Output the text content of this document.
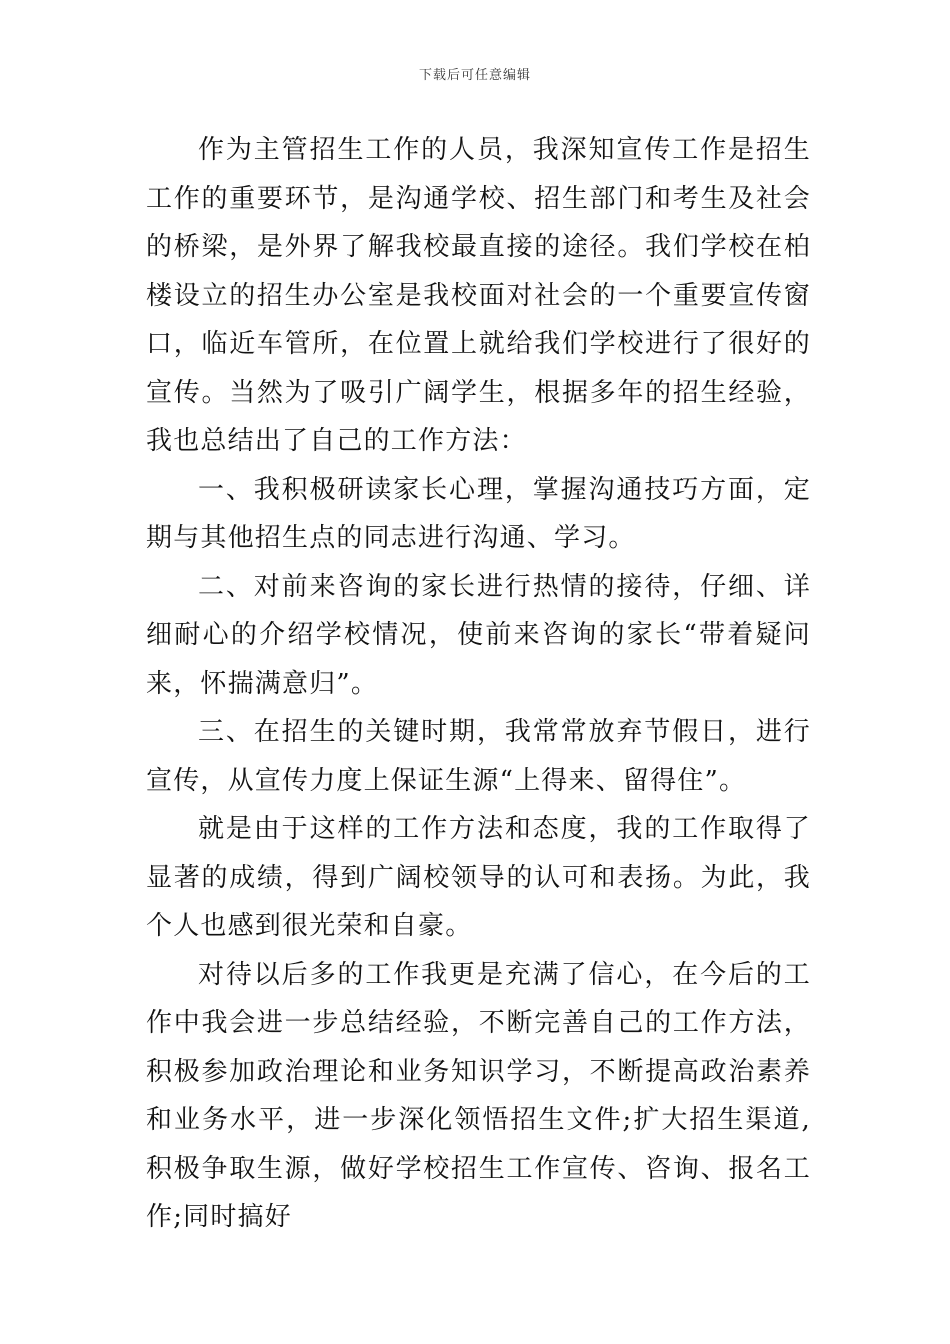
下载后可任意编辑

作为主管招生工作的人员，我深知宣传工作是招生工作的重要环节，是沟通学校、招生部门和考生及社会的桥梁，是外界了解我校最直接的途径。我们学校在柏楼设立的招生办公室是我校面对社会的一个重要宣传窗口，临近车管所，在位置上就给我们学校进行了很好的宣传。当然为了吸引广阔学生，根据多年的招生经验，我也总结出了自己的工作方法：

一、我积极研读家长心理，掌握沟通技巧方面，定期与其他招生点的同志进行沟通、学习。

二、对前来咨询的家长进行热情的接待，仔细、详细耐心的介绍学校情况，使前来咨询的家长“带着疑问来，怀揣满意归”。

三、在招生的关键时期，我常常放弃节假日，进行宣传，从宣传力度上保证生源“上得来、留得住”。

就是由于这样的工作方法和态度，我的工作取得了显著的成绩，得到广阔校领导的认可和表扬。为此，我个人也感到很光荣和自豪。

对待以后多的工作我更是充满了信心，在今后的工作中我会进一步总结经验，不断完善自己的工作方法，积极参加政治理论和业务知识学习，不断提高政治素养和业务水平，进一步深化领悟招生文件;扩大招生渠道,积极争取生源，做好学校招生工作宣传、咨询、报名工作;同时搞好
